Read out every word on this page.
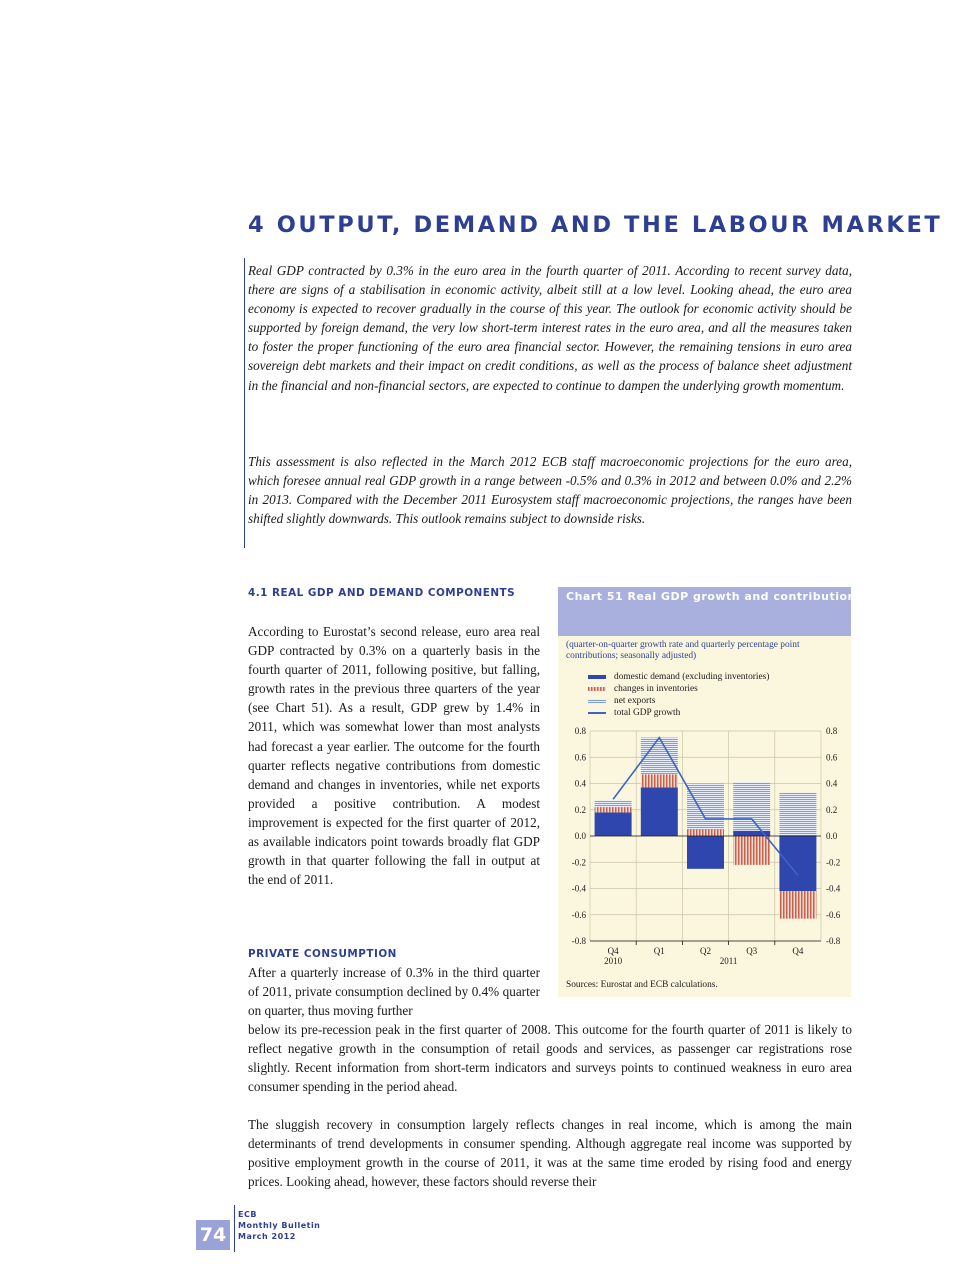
4 OUTPUT, DEMAND AND THE LABOUR MARKET

Real GDP contracted by 0.3% in the euro area in the fourth quarter of 2011. According to recent survey data, there are signs of a stabilisation in economic activity, albeit still at a low level. Looking ahead, the euro area economy is expected to recover gradually in the course of this year. The outlook for economic activity should be supported by foreign demand, the very low short-term interest rates in the euro area, and all the measures taken to foster the proper functioning of the euro area financial sector. However, the remaining tensions in euro area sovereign debt markets and their impact on credit conditions, as well as the process of balance sheet adjustment in the financial and non-financial sectors, are expected to continue to dampen the underlying growth momentum.

This assessment is also reflected in the March 2012 ECB staff macroeconomic projections for the euro area, which foresee annual real GDP growth in a range between -0.5% and 0.3% in 2012 and between 0.0% and 2.2% in 2013. Compared with the December 2011 Eurosystem staff macroeconomic projections, the ranges have been shifted slightly downwards. This outlook remains subject to downside risks.

4.1 REAL GDP AND DEMAND COMPONENTS

According to Eurostat’s second release, euro area real GDP contracted by 0.3% on a quarterly basis in the fourth quarter of 2011, following positive, but falling, growth rates in the previous three quarters of the year (see Chart 51). As a result, GDP grew by 1.4% in 2011, which was somewhat lower than most analysts had forecast a year earlier. The outcome for the fourth quarter reflects negative contributions from domestic demand and changes in inventories, while net exports provided a positive contribution. A modest improvement is expected for the first quarter of 2012, as available indicators point towards broadly flat GDP growth in that quarter following the fall in output at the end of 2011.

PRIVATE CONSUMPTION

After a quarterly increase of 0.3% in the third quarter of 2011, private consumption declined by 0.4% quarter on quarter, thus moving further

below its pre-recession peak in the first quarter of 2008. This outcome for the fourth quarter of 2011 is likely to reflect negative growth in the consumption of retail goods and services, as passenger car registrations rose slightly. Recent information from short-term indicators and surveys points to continued weakness in euro area consumer spending in the period ahead.

The sluggish recovery in consumption largely reflects changes in real income, which is among the main determinants of trend developments in consumer spending. Although aggregate real income was supported by positive employment growth in the course of 2011, it was at the same time eroded by rising food and energy prices. Looking ahead, however, these factors should reverse their

Chart 51 Real GDP growth and contributions

(quarter-on-quarter growth rate and quarterly percentage point contributions; seasonally adjusted)

domestic demand (excluding inventories)
changes in inventories
net exports
total GDP growth
0.8	0.8
0.6	0.6
0.4	0.4
0.2	0.2
0.0	0.0
-0.2	-0.2
-0.4	-0.4
-0.6	-0.6
-0.8	-0.8
Q4	Q1	Q2	Q3	Q4
2010	2011
Sources: Eurostat and ECB calculations.
74
ECB
Monthly Bulletin
March 2012
